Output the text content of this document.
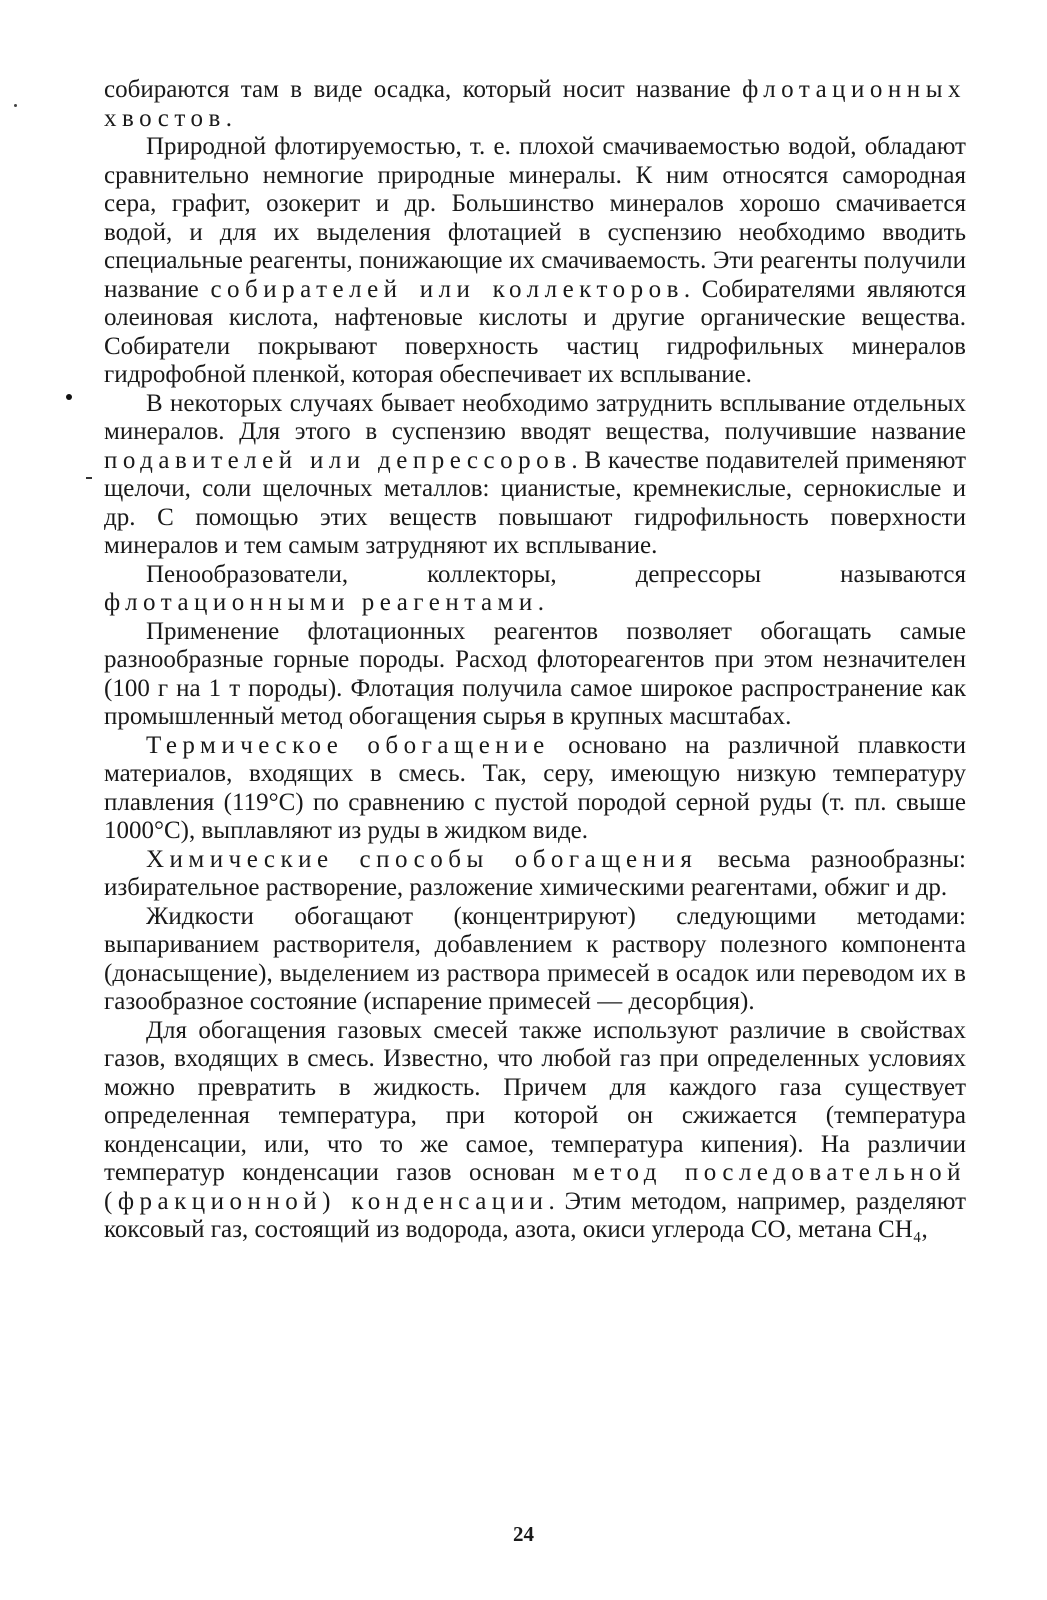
собираются там в виде осадка, который носит название флотационных хвостов.

Природной флотируемостью, т. е. плохой смачиваемостью водой, обладают сравнительно немногие природные минералы. К ним относятся самородная сера, графит, озокерит и др. Большинство минералов хорошо смачивается водой, и для их выделения флотацией в суспензию необходимо вводить специальные реагенты, понижающие их смачиваемость. Эти реагенты получили название собирателей или коллекторов. Собирателями являются олеиновая кислота, нафтеновые кислоты и другие органические вещества. Собиратели покрывают поверхность частиц гидрофильных минералов гидрофобной пленкой, которая обеспечивает их всплывание.

В некоторых случаях бывает необходимо затруднить всплывание отдельных минералов. Для этого в суспензию вводят вещества, получившие название подавителей или депрессоров. В качестве подавителей применяют щелочи, соли щелочных металлов: цианистые, кремнекислые, сернокислые и др. С помощью этих веществ повышают гидрофильность поверхности минералов и тем самым затрудняют их всплывание.

Пенообразователи, коллекторы, депрессоры называются флотационными реагентами.

Применение флотационных реагентов позволяет обогащать самые разнообразные горные породы. Расход флотореагентов при этом незначителен (100 г на 1 т породы). Флотация получила самое широкое распространение как промышленный метод обогащения сырья в крупных масштабах.

Термическое обогащение основано на различной плавкости материалов, входящих в смесь. Так, серу, имеющую низкую температуру плавления (119°С) по сравнению с пустой породой серной руды (т. пл. свыше 1000°С), выплавляют из руды в жидком виде.

Химические способы обогащения весьма разнообразны: избирательное растворение, разложение химическими реагентами, обжиг и др.

Жидкости обогащают (концентрируют) следующими методами: выпариванием растворителя, добавлением к раствору полезного компонента (донасыщение), выделением из раствора примесей в осадок или переводом их в газообразное состояние (испарение примесей — десорбция).

Для обогащения газовых смесей также используют различие в свойствах газов, входящих в смесь. Известно, что любой газ при определенных условиях можно превратить в жидкость. Причем для каждого газа существует определенная температура, при которой он сжижается (температура конденсации, или, что то же самое, температура кипения). На различии температур конденсации газов основан метод последовательной (фракционной) конденсации. Этим методом, например, разделяют коксовый газ, состоящий из водорода, азота, окиси углерода CO, метана CH₄,

24
